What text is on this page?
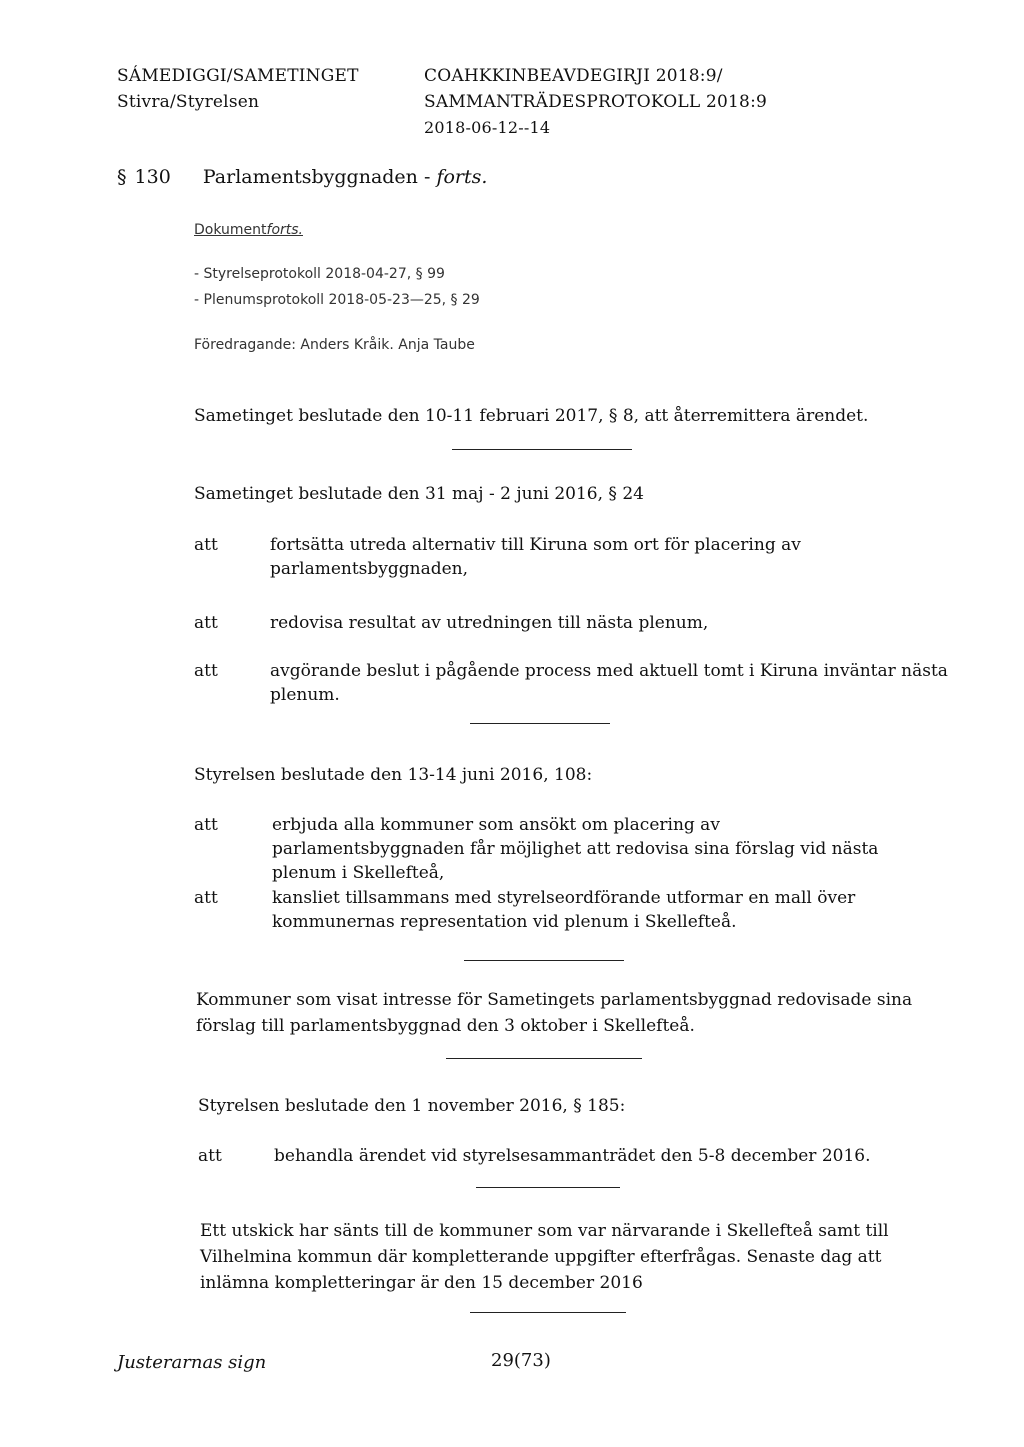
SÁMEDIGGI/SAMETINGET
Stivra/Styrelsen
COAHKKINBEAVDEGIRJI 2018:9/
SAMMANTRÄDESPROTOKOLL 2018:9
2018-06-12--14
§ 130 Parlamentsbyggnaden - forts.
Dokumentforts.
- Styrelseprotokoll 2018-04-27, § 99
- Plenumsprotokoll 2018-05-23—25, § 29
Föredragande: Anders Kråik. Anja Taube
Sametinget beslutade den 10-11 februari 2017, § 8, att återremittera ärendet.
Sametinget beslutade den 31 maj - 2 juni 2016, § 24
att	fortsätta utreda alternativ till Kiruna som ort för placering av parlamentsbyggnaden,
att	redovisa resultat av utredningen till nästa plenum,
att	avgörande beslut i pågående process med aktuell tomt i Kiruna inväntar nästa plenum.
Styrelsen beslutade den 13-14 juni 2016, 108:
att	erbjuda alla kommuner som ansökt om placering av parlamentsbyggnaden får möjlighet att redovisa sina förslag vid nästa plenum i Skellefteå,
att	kansliet tillsammans med styrelseordförande utformar en mall över kommunernas representation vid plenum i Skellefteå.
Kommuner som visat intresse för Sametingets parlamentsbyggnad redovisade sina förslag till parlamentsbyggnad den 3 oktober i Skellefteå.
Styrelsen beslutade den 1 november 2016, § 185:
att	behandla ärendet vid styrelsesammanträdet den 5-8 december 2016.
Ett utskick har sänts till de kommuner som var närvarande i Skellefteå samt till Vilhelmina kommun där kompletterande uppgifter efterfrågas. Senaste dag att inlämna kompletteringar är den 15 december 2016
Justerarnas sign	29(73)
